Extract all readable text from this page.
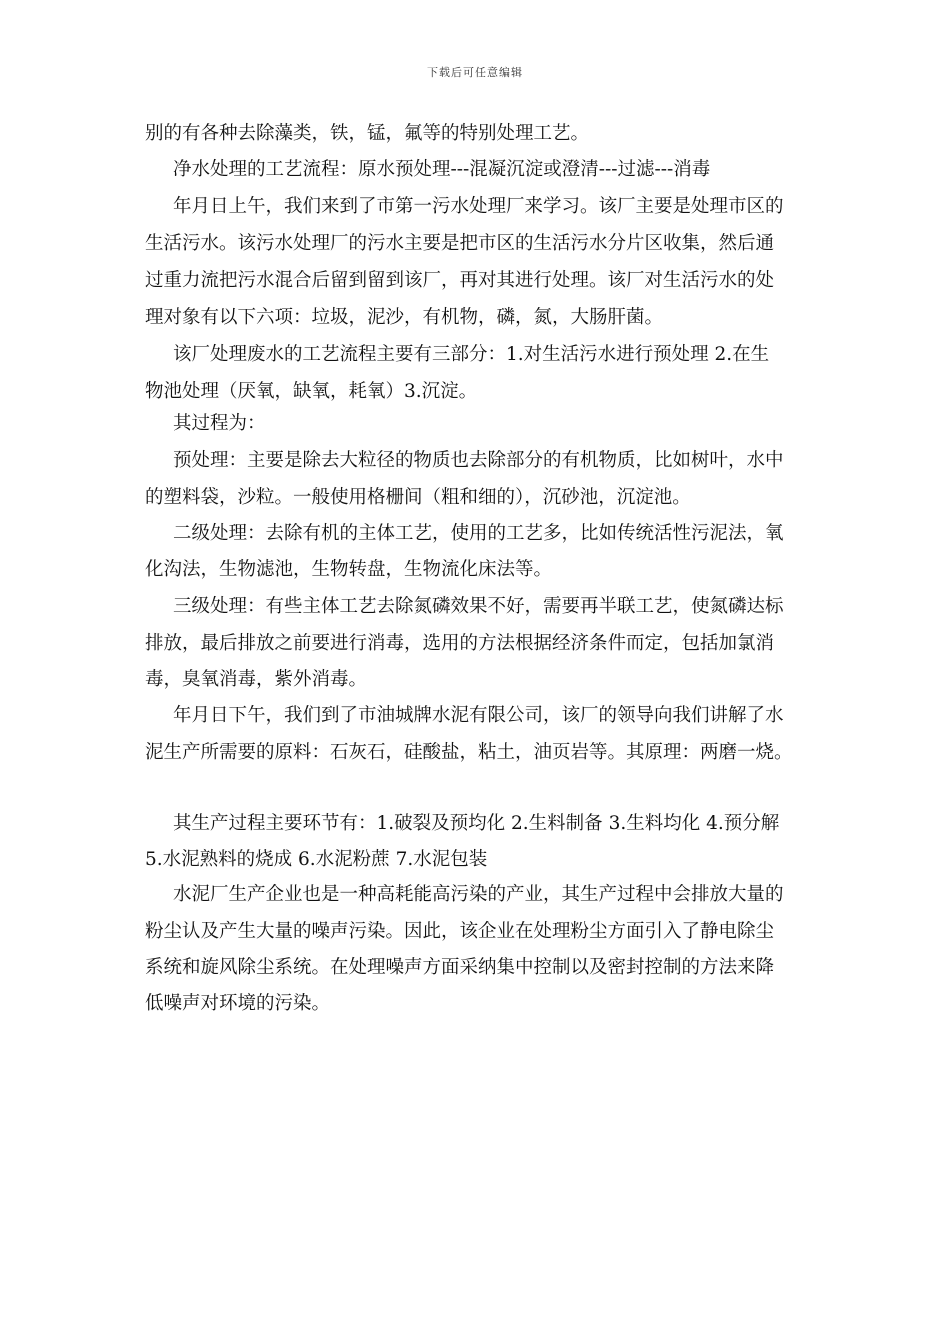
下载后可任意编辑
别的有各种去除藻类，铁，锰，氟等的特别处理工艺。
净水处理的工艺流程：原水预处理---混凝沉淀或澄清---过滤---消毒
年月日上午，我们来到了市第一污水处理厂来学习。该厂主要是处理市区的
生活污水。该污水处理厂的污水主要是把市区的生活污水分片区收集，然后通
过重力流把污水混合后留到留到该厂，再对其进行处理。该厂对生活污水的处
理对象有以下六项：垃圾，泥沙，有机物，磷，氮，大肠肝菌。
该厂处理废水的工艺流程主要有三部分：1.对生活污水进行预处理 2.在生
物池处理（厌氧，缺氧，耗氧）3.沉淀。
其过程为：
预处理：主要是除去大粒径的物质也去除部分的有机物质，比如树叶，水中
的塑料袋，沙粒。一般使用格栅间（粗和细的），沉砂池，沉淀池。
二级处理：去除有机的主体工艺，使用的工艺多，比如传统活性污泥法，氧
化沟法，生物滤池，生物转盘，生物流化床法等。
三级处理：有些主体工艺去除氮磷效果不好，需要再半联工艺，使氮磷达标
排放，最后排放之前要进行消毒，选用的方法根据经济条件而定，包括加氯消
毒，臭氧消毒，紫外消毒。
年月日下午，我们到了市油城牌水泥有限公司，该厂的领导向我们讲解了水
泥生产所需要的原料：石灰石，硅酸盐，粘土，油页岩等。其原理：两磨一烧。
其生产过程主要环节有：1.破裂及预均化 2.生料制备 3.生料均化 4.预分解
5.水泥熟料的烧成 6.水泥粉蔗 7.水泥包装
水泥厂生产企业也是一种高耗能高污染的产业，其生产过程中会排放大量的
粉尘认及产生大量的噪声污染。因此，该企业在处理粉尘方面引入了静电除尘
系统和旋风除尘系统。在处理噪声方面采纳集中控制以及密封控制的方法来降
低噪声对环境的污染。
